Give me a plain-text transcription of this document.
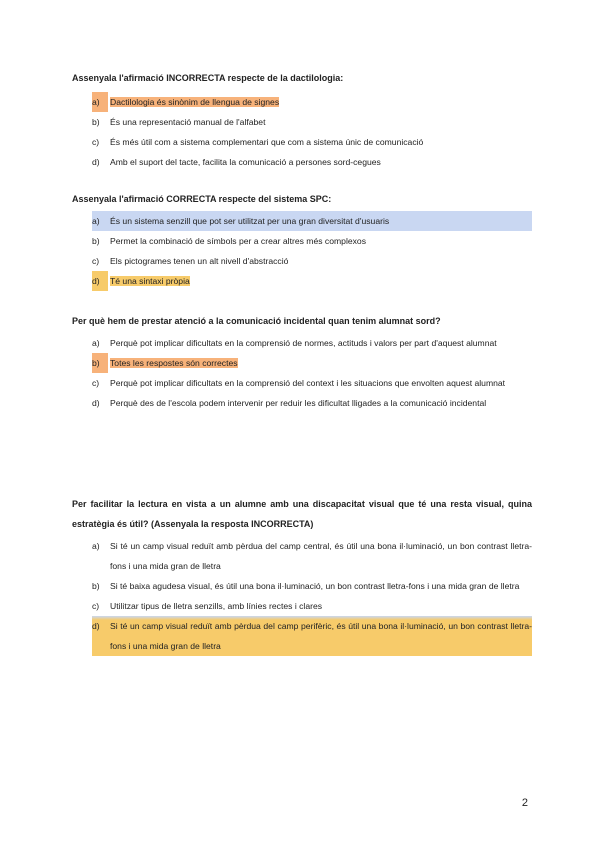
Assenyala l'afirmació INCORRECTA respecte de la dactilologia:

a)	Dactilologia és sinònim de llengua de signes
b)	És una representació manual de l'alfabet
c)	És més útil com a sistema complementari que com a sistema únic de comunicació
d)	Amb el suport del tacte, facilita la comunicació a persones sord-cegues

Assenyala l'afirmació CORRECTA respecte del sistema SPC:

a)	És un sistema senzill que pot ser utilitzat per una gran diversitat d'usuaris
b)	Permet la combinació de símbols per a crear altres més complexos
c)	Els pictogrames tenen un alt nivell d'abstracció
d)	Té una sintaxi pròpia

Per què hem de prestar atenció a la comunicació incidental quan tenim alumnat sord?

a)	Perquè pot implicar dificultats en la comprensió de normes, actituds i valors per part d'aquest alumnat
b)	Totes les respostes són correctes
c)	Perquè pot implicar dificultats en la comprensió del context i les situacions que envolten aquest alumnat
d)	Perquè des de l'escola podem intervenir per reduir les dificultat lligades a la comunicació incidental

Per facilitar la lectura en vista a un alumne amb una discapacitat visual que té una resta visual, quina estratègia és útil? (Assenyala la resposta INCORRECTA)

a)	Si té un camp visual reduït amb pèrdua del camp central, és útil una bona il·luminació, un bon contrast lletra-fons i una mida gran de lletra
b)	Si té baixa agudesa visual, és útil una bona il·luminació, un bon contrast lletra-fons i una mida gran de lletra
c)	Utilitzar tipus de lletra senzills, amb línies rectes i clares
d)	Si té un camp visual reduït amb pèrdua del camp perifèric, és útil una bona il·luminació, un bon contrast lletra-fons i una mida gran de lletra
2
